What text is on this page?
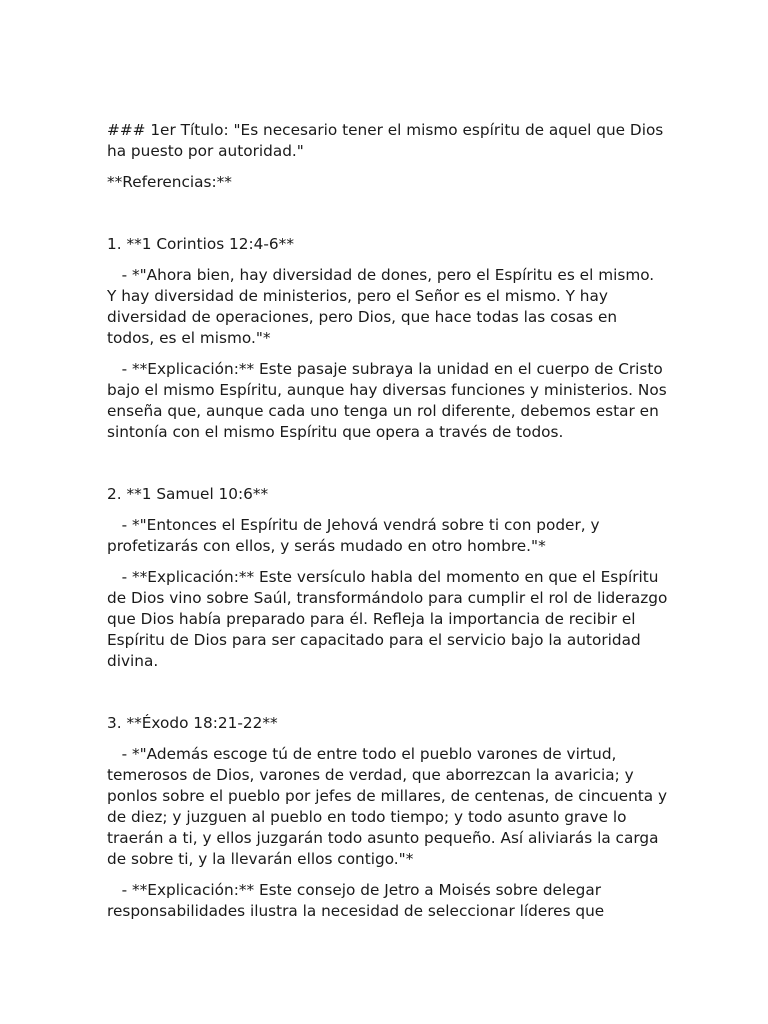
### 1er Título: "Es necesario tener el mismo espíritu de aquel que Dios ha puesto por autoridad."

**Referencias:**

1. **1 Corintios 12:4-6**

- *"Ahora bien, hay diversidad de dones, pero el Espíritu es el mismo. Y hay diversidad de ministerios, pero el Señor es el mismo. Y hay diversidad de operaciones, pero Dios, que hace todas las cosas en todos, es el mismo."*

- **Explicación:** Este pasaje subraya la unidad en el cuerpo de Cristo bajo el mismo Espíritu, aunque hay diversas funciones y ministerios. Nos enseña que, aunque cada uno tenga un rol diferente, debemos estar en sintonía con el mismo Espíritu que opera a través de todos.

2. **1 Samuel 10:6**

- *"Entonces el Espíritu de Jehová vendrá sobre ti con poder, y profetizarás con ellos, y serás mudado en otro hombre."*

- **Explicación:** Este versículo habla del momento en que el Espíritu de Dios vino sobre Saúl, transformándolo para cumplir el rol de liderazgo que Dios había preparado para él. Refleja la importancia de recibir el Espíritu de Dios para ser capacitado para el servicio bajo la autoridad divina.

3. **Éxodo 18:21-22**

- *"Además escoge tú de entre todo el pueblo varones de virtud, temerosos de Dios, varones de verdad, que aborrezcan la avaricia; y ponlos sobre el pueblo por jefes de millares, de centenas, de cincuenta y de diez; y juzguen al pueblo en todo tiempo; y todo asunto grave lo traerán a ti, y ellos juzgarán todo asunto pequeño. Así aliviarás la carga de sobre ti, y la llevarán ellos contigo."*

- **Explicación:** Este consejo de Jetro a Moisés sobre delegar responsabilidades ilustra la necesidad de seleccionar líderes que
